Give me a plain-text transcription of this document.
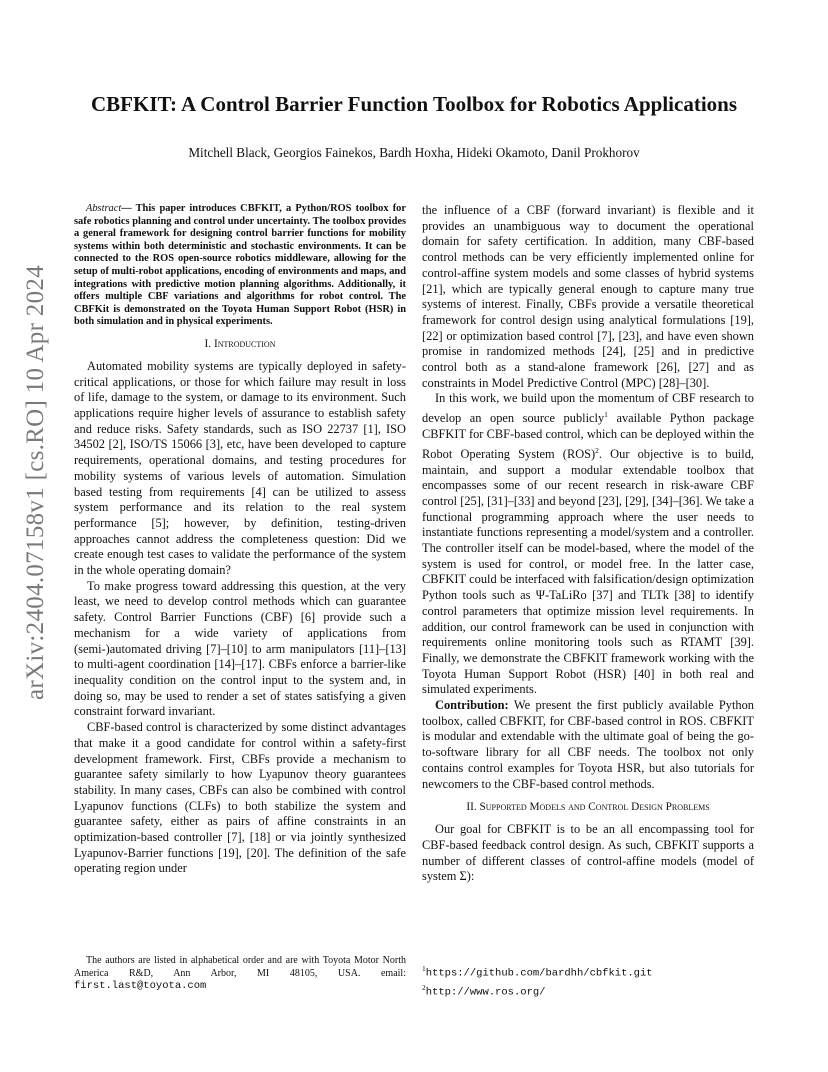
arXiv:2404.07158v1 [cs.RO] 10 Apr 2024
CBFKIT: A Control Barrier Function Toolbox for Robotics Applications
Mitchell Black, Georgios Fainekos, Bardh Hoxha, Hideki Okamoto, Danil Prokhorov

Abstract— This paper introduces CBFKIT, a Python/ROS toolbox for safe robotics planning and control under uncertainty. The toolbox provides a general framework for designing control barrier functions for mobility systems within both deterministic and stochastic environments. It can be connected to the ROS open-source robotics middleware, allowing for the setup of multi-robot applications, encoding of environments and maps, and integrations with predictive motion planning algorithms. Additionally, it offers multiple CBF variations and algorithms for robot control. The CBFKit is demonstrated on the Toyota Human Support Robot (HSR) in both simulation and in physical experiments.

I. Introduction

Automated mobility systems are typically deployed in safety-critical applications, or those for which failure may result in loss of life, damage to the system, or damage to its environment. Such applications require higher levels of assurance to establish safety and reduce risks. Safety standards, such as ISO 22737 [1], ISO 34502 [2], ISO/TS 15066 [3], etc, have been developed to capture requirements, operational domains, and testing procedures for mobility systems of various levels of automation. Simulation based testing from requirements [4] can be utilized to assess system performance and its relation to the real system performance [5]; however, by definition, testing-driven approaches cannot address the completeness question: Did we create enough test cases to validate the performance of the system in the whole operating domain?

To make progress toward addressing this question, at the very least, we need to develop control methods which can guarantee safety. Control Barrier Functions (CBF) [6] provide such a mechanism for a wide variety of applications from (semi-)automated driving [7]–[10] to arm manipulators [11]–[13] to multi-agent coordination [14]–[17]. CBFs enforce a barrier-like inequality condition on the control input to the system and, in doing so, may be used to render a set of states satisfying a given constraint forward invariant.

CBF-based control is characterized by some distinct advantages that make it a good candidate for control within a safety-first development framework. First, CBFs provide a mechanism to guarantee safety similarly to how Lyapunov theory guarantees stability. In many cases, CBFs can also be combined with control Lyapunov functions (CLFs) to both stabilize the system and guarantee safety, either as pairs of affine constraints in an optimization-based controller [7], [18] or via jointly synthesized Lyapunov-Barrier functions [19], [20]. The definition of the safe operating region under

The authors are listed in alphabetical order and are with Toyota Motor North America R&D, Ann Arbor, MI 48105, USA. email: first.last@toyota.com

the influence of a CBF (forward invariant) is flexible and it provides an unambiguous way to document the operational domain for safety certification. In addition, many CBF-based control methods can be very efficiently implemented online for control-affine system models and some classes of hybrid systems [21], which are typically general enough to capture many true systems of interest. Finally, CBFs provide a versatile theoretical framework for control design using analytical formulations [19], [22] or optimization based control [7], [23], and have even shown promise in randomized methods [24], [25] and in predictive control both as a stand-alone framework [26], [27] and as constraints in Model Predictive Control (MPC) [28]–[30].

In this work, we build upon the momentum of CBF research to develop an open source publicly$^1$ available Python package CBFKIT for CBF-based control, which can be deployed within the Robot Operating System (ROS)$^2$. Our objective is to build, maintain, and support a modular extendable toolbox that encompasses some of our recent research in risk-aware CBF control [25], [31]–[33] and beyond [23], [29], [34]–[36]. We take a functional programming approach where the user needs to instantiate functions representing a model/system and a controller. The controller itself can be model-based, where the model of the system is used for control, or model free. In the latter case, CBFKIT could be interfaced with falsification/design optimization Python tools such as Ψ-TaLiRo [37] and TLTk [38] to identify control parameters that optimize mission level requirements. In addition, our control framework can be used in conjunction with requirements online monitoring tools such as RTAMT [39]. Finally, we demonstrate the CBFKIT framework working with the Toyota Human Support Robot (HSR) [40] in both real and simulated experiments.

Contribution: We present the first publicly available Python toolbox, called CBFKIT, for CBF-based control in ROS. CBFKIT is modular and extendable with the ultimate goal of being the go-to-software library for all CBF needs. The toolbox not only contains control examples for Toyota HSR, but also tutorials for newcomers to the CBF-based control methods.

II. Supported Models and Control Design Problems

Our goal for CBFKIT is to be an all encompassing tool for CBF-based feedback control design. As such, CBFKIT supports a number of different classes of control-affine models (model of system Σ):

$^1$https://github.com/bardhh/cbfkit.git
$^2$http://www.ros.org/
